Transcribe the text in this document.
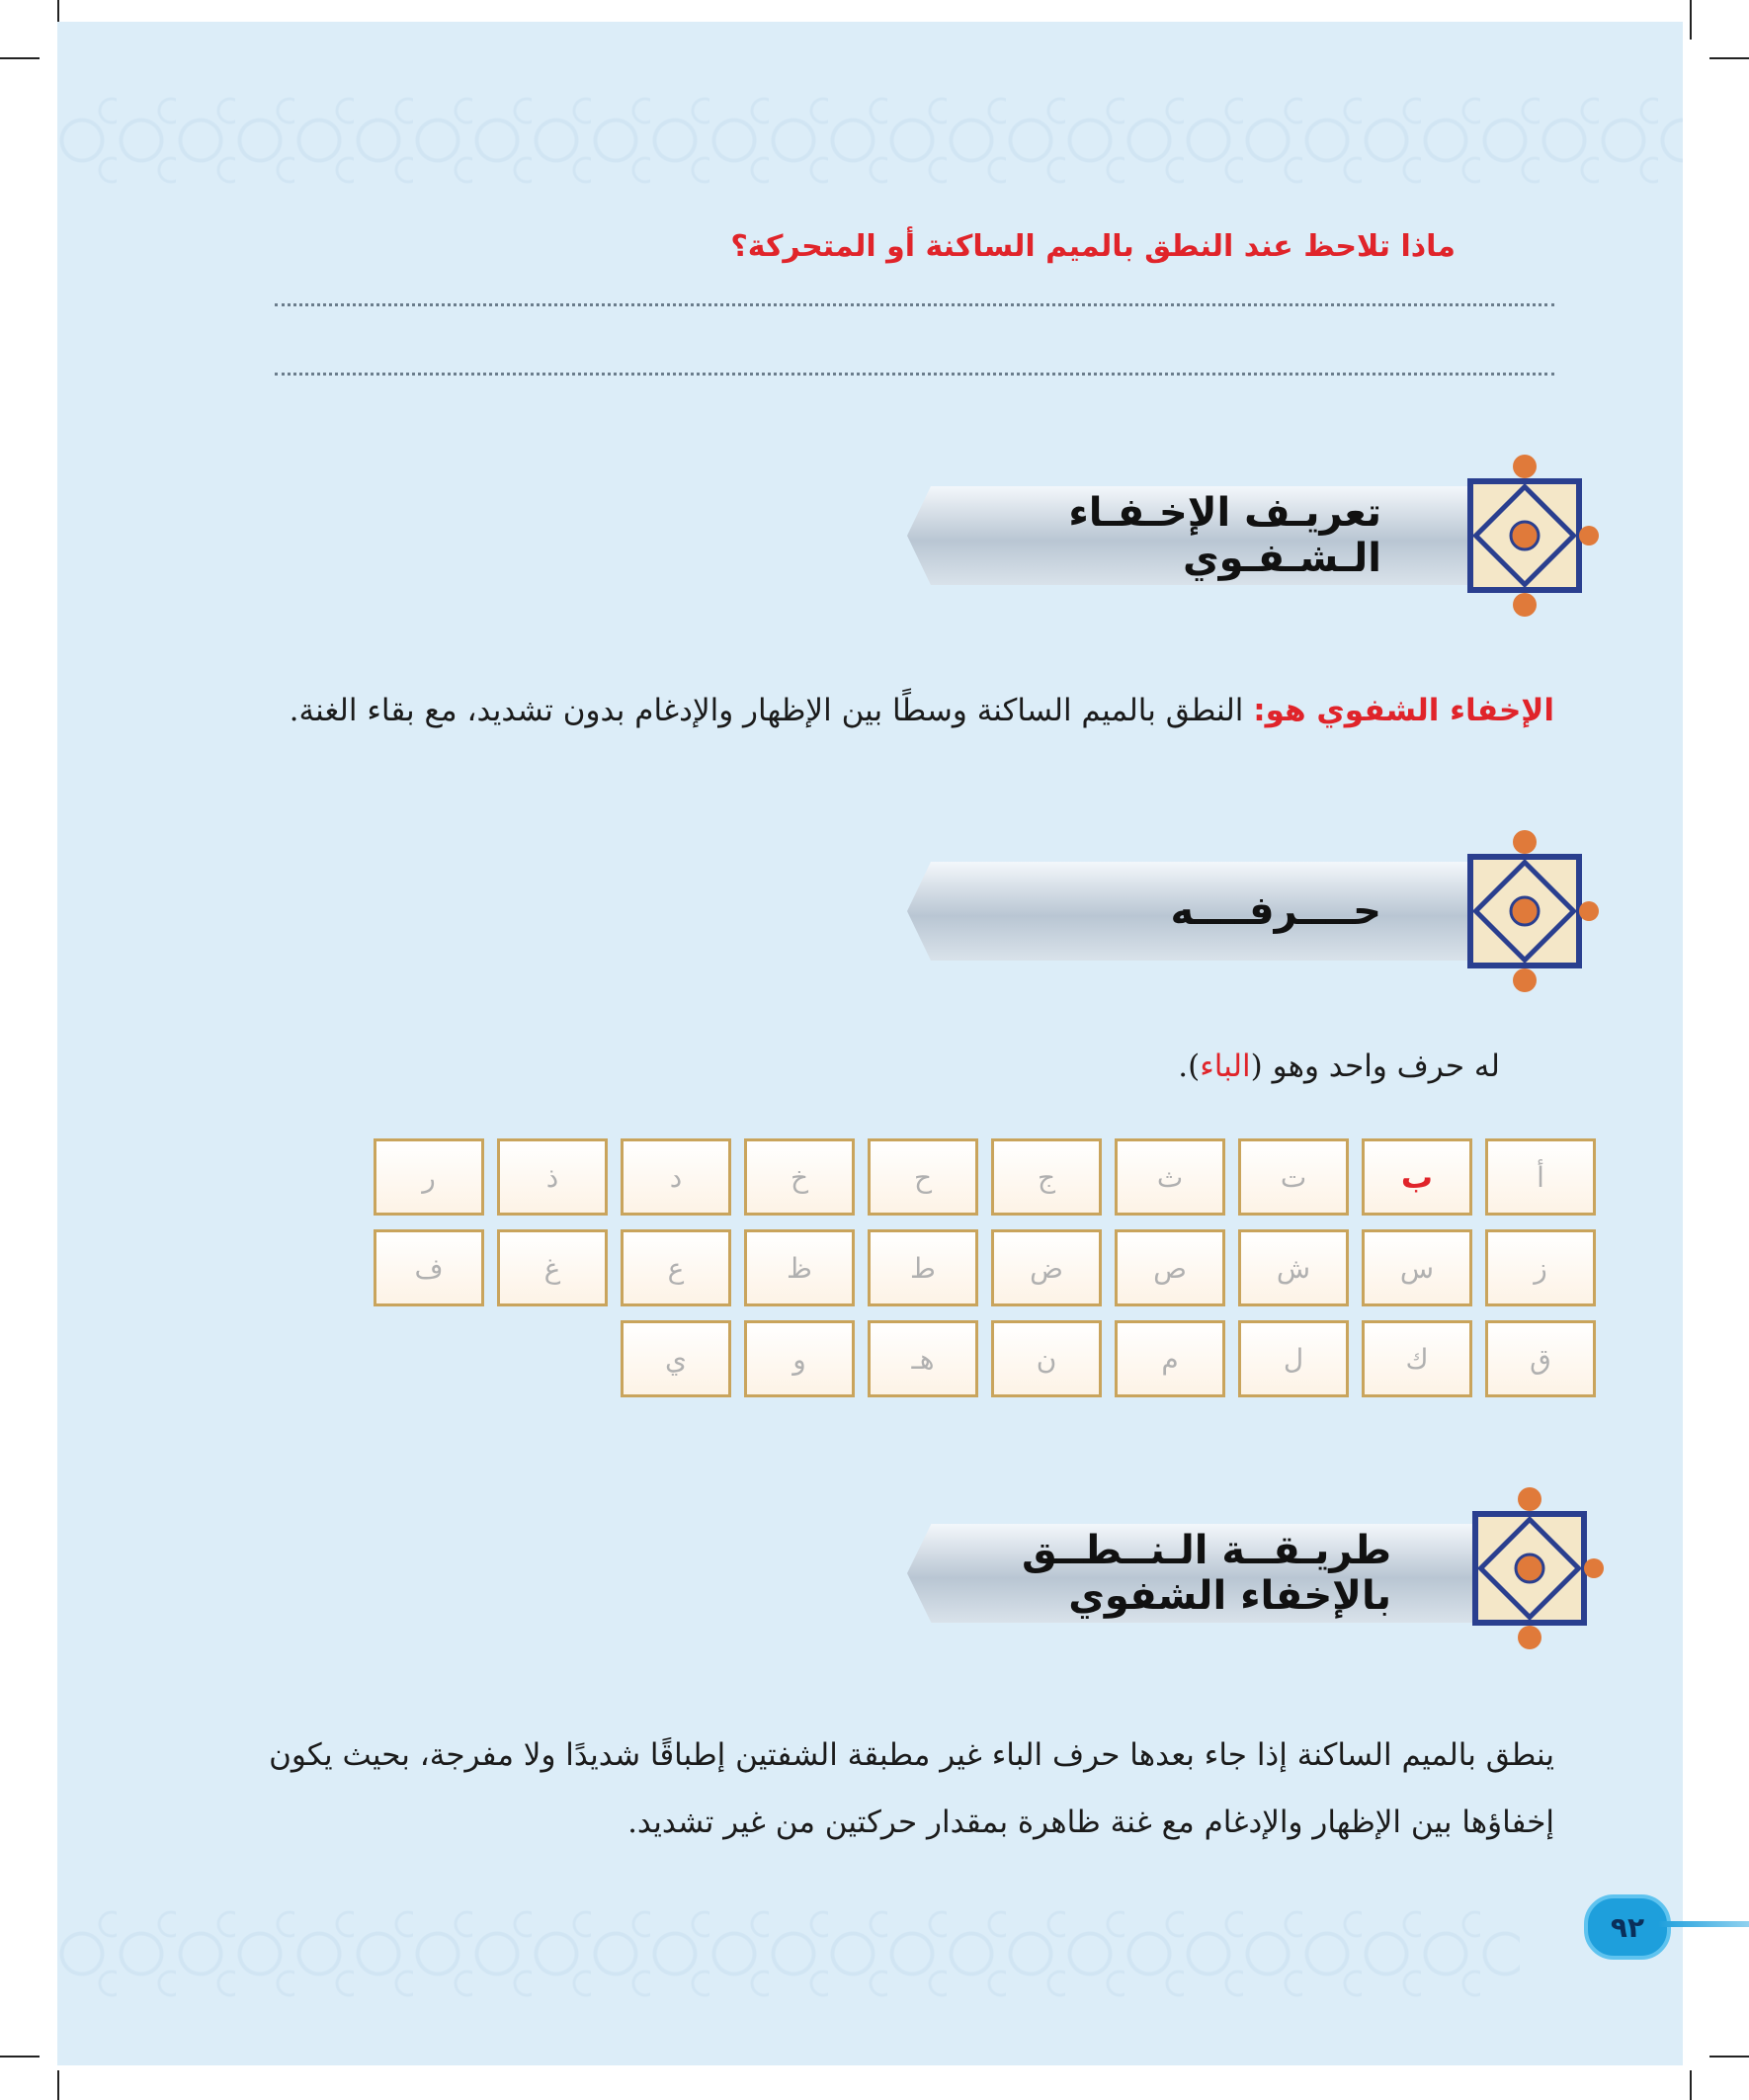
ماذا تلاحظ عند النطق بالميم الساكنة أو المتحركة؟
تعريـف الإخـفـاء الـشـفـوي
الإخفاء الشفوي هو: النطق بالميم الساكنة وسطًا بين الإظهار والإدغام بدون تشديد، مع بقاء الغنة.
حــــرفــــه
له حرف واحد وهو (الباء).
أ
ب
ت
ث
ج
ح
خ
د
ذ
ر
ز
س
ش
ص
ض
ط
ظ
ع
غ
ف
ق
ك
ل
م
ن
هـ
و
ي
طريـقــة الـنــطــق بالإخفاء الشفوي
ينطق بالميم الساكنة إذا جاء بعدها حرف الباء غير مطبقة الشفتين إطباقًا شديدًا ولا مفرجة، بحيث يكون إخفاؤها بين الإظهار والإدغام مع غنة ظاهرة بمقدار حركتين من غير تشديد.
٩٢
